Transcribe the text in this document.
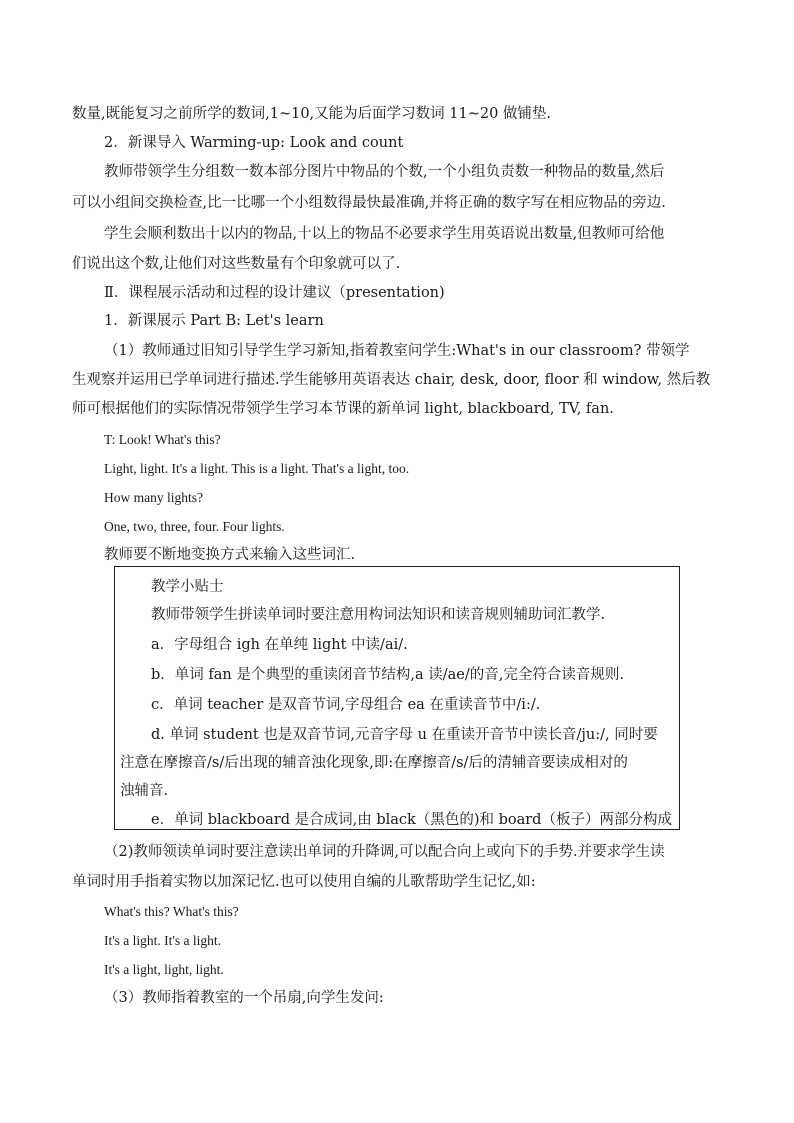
数量,既能复习之前所学的数词,1~10,又能为后面学习数词 11~20 做铺垫.
2．新课导入 Warming-up: Look and count
教师带领学生分组数一数本部分图片中物品的个数,一个小组负责数一种物品的数量,然后
可以小组间交换检查,比一比哪一个小组数得最快最准确,并将正确的数字写在相应物品的旁边.
学生会顺利数出十以内的物品,十以上的物品不必要求学生用英语说出数量,但教师可给他
们说出这个数,让他们对这些数量有个印象就可以了.
Ⅱ．课程展示活动和过程的设计建议（presentation)
1．新课展示 Part B: Let's learn
（1）教师通过旧知引导学生学习新知,指着教室问学生:What's in our classroom? 带领学
生观察并运用已学单词进行描述.学生能够用英语表达 chair, desk, door, floor 和 window, 然后教
师可根据他们的实际情况带领学生学习本节课的新单词 light, blackboard, TV, fan.
T: Look! What's this?
Light, light. It's a light. This is a light. That's a light, too.
How many lights?
One, two, three, four. Four lights.
教师要不断地变换方式来输入这些词汇.
教学小贴士
教师带领学生拼读单词时要注意用构词法知识和读音规则辅助词汇教学.
a．字母组合 igh 在单纯 light 中读/ai/.
b．单词 fan 是个典型的重读闭音节结构,a 读/ae/的音,完全符合读音规则.
c．单词 teacher 是双音节词,字母组合 ea 在重读音节中/i:/.
d. 单词 student 也是双音节词,元音字母 u 在重读开音节中读长音/ju:/, 同时要
注意在摩擦音/s/后出现的辅音浊化现象,即:在摩擦音/s/后的清辅音要读成相对的
浊辅音.
e．单词 blackboard 是合成词,由 black（黑色的)和 board（板子）两部分构成
（2)教师领读单词时要注意读出单词的升降调,可以配合向上或向下的手势.并要求学生读
单词时用手指着实物以加深记忆.也可以使用自编的儿歌帮助学生记忆,如:
What's this? What's this?
It's a light. It's a light.
It's a light, light, light.
（3）教师指着教室的一个吊扇,向学生发问:
